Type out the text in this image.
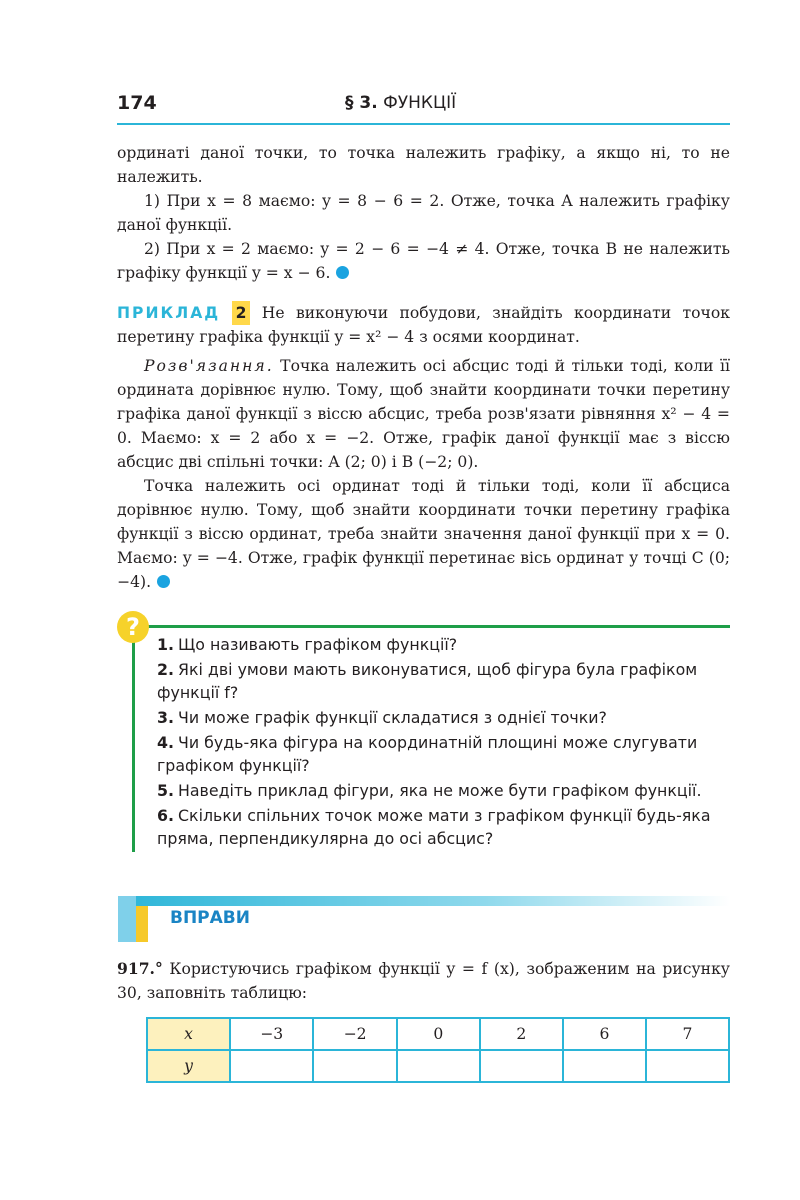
174	§ 3. ФУНКЦІЇ

ординаті даної точки, то точка належить графіку, а якщо ні, то не належить.

1) При x = 8 маємо: y = 8 − 6 = 2. Отже, точка A належить графіку даної функції.

2) При x = 2 маємо: y = 2 − 6 = −4 ≠ 4. Отже, точка B не належить графіку функції y = x − 6.

ПРИКЛАД 2 Не виконуючи побудови, знайдіть координати точок перетину графіка функції y = x² − 4 з осями координат.

Розв'язання. Точка належить осі абсцис тоді й тільки тоді, коли її ордината дорівнює нулю. Тому, щоб знайти координати точки перетину графіка даної функції з віссю абсцис, треба розв'язати рівняння x² − 4 = 0. Маємо: x = 2 або x = −2. Отже, графік даної функції має з віссю абсцис дві спільні точки: A (2; 0) і B (−2; 0).

Точка належить осі ординат тоді й тільки тоді, коли її абсциса дорівнює нулю. Тому, щоб знайти координати точки перетину графіка функції з віссю ординат, треба знайти значення даної функції при x = 0. Маємо: y = −4. Отже, графік функції перетинає вісь ординат у точці C (0; −4).

?
1. Що називають графіком функції?
2. Які дві умови мають виконуватися, щоб фігура була графіком функції f?
3. Чи може графік функції складатися з однієї точки?
4. Чи будь-яка фігура на координатній площині може слугувати графіком функції?
5. Наведіть приклад фігури, яка не може бути графіком функції.
6. Скільки спільних точок може мати з графіком функції будь-яка пряма, перпендикулярна до осі абсцис?
ВПРАВИ
917.° Користуючись графіком функції y = f (x), зображеним на рисунку 30, заповніть таблицю:
x	−3	−2	0	2	6	7
y						
